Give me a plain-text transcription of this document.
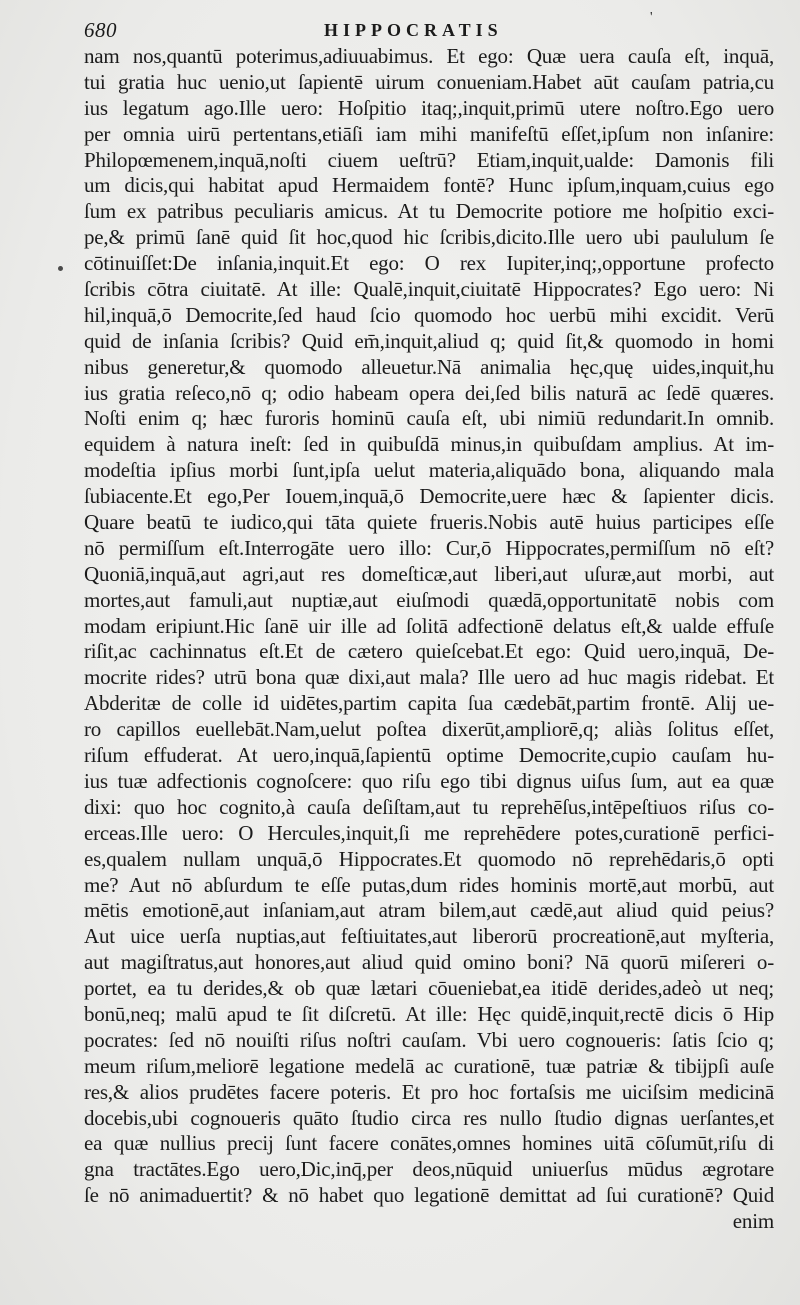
680	HIPPOCRATIS
'
nam nos,quantū poterimus,adiuuabimus. Et ego: Quæ uera cauſa eſt, inquā,
tui gratia huc uenio,ut ſapientē uirum conueniam.Habet aūt cauſam patria,cu
ius legatum ago.Ille uero: Hoſpitio itaq;,inquit,primū utere noſtro.Ego uero
per omnia uirū pertentans,etiāſi iam mihi manifeſtū eſſet,ipſum non inſanire:
Philopœmenem,inquā,noſti ciuem ueſtrū? Etiam,inquit,ualde: Damonis fili
um dicis,qui habitat apud Hermaidem fontē? Hunc ipſum,inquam,cuius ego
ſum ex patribus peculiaris amicus. At tu Democrite potiore me hoſpitio exci-
pe,& primū ſanē quid ſit hoc,quod hic ſcribis,dicito.Ille uero ubi paululum ſe
cōtinuiſſet:De inſania,inquit.Et ego: O rex Iupiter,inq;,opportune profecto
ſcribis cōtra ciuitatē. At ille: Qualē,inquit,ciuitatē Hippocrates? Ego uero: Ni
hil,inquā,ō Democrite,ſed haud ſcio quomodo hoc uerbū mihi excidit. Verū
quid de inſania ſcribis? Quid em̄,inquit,aliud q; quid ſit,& quomodo in homi
nibus generetur,& quomodo alleuetur.Nā animalia hęc,quę uides,inquit,hu
ius gratia reſeco,nō q; odio habeam opera dei,ſed bilis naturā ac ſedē quæres.
Noſti enim q; hæc furoris hominū cauſa eſt, ubi nimiū redundarit.In omnib.
equidem à natura ineſt: ſed in quibuſdā minus,in quibuſdam amplius. At im-
modeſtia ipſius morbi ſunt,ipſa uelut materia,aliquādo bona, aliquando mala
ſubiacente.Et ego,Per Iouem,inquā,ō Democrite,uere hæc & ſapienter dicis.
Quare beatū te iudico,qui tāta quiete frueris.Nobis autē huius participes eſſe
nō permiſſum eſt.Interrogāte uero illo: Cur,ō Hippocrates,permiſſum nō eſt?
Quoniā,inquā,aut agri,aut res domeſticæ,aut liberi,aut uſuræ,aut morbi, aut
mortes,aut famuli,aut nuptiæ,aut eiuſmodi quædā,opportunitatē nobis com
modam eripiunt.Hic ſanē uir ille ad ſolitā adfectionē delatus eſt,& ualde effuſe
riſit,ac cachinnatus eſt.Et de cætero quieſcebat.Et ego: Quid uero,inquā, De-
mocrite rides? utrū bona quæ dixi,aut mala? Ille uero ad huc magis ridebat. Et
Abderitæ de colle id uidētes,partim capita ſua cædebāt,partim frontē. Alij ue-
ro capillos euellebāt.Nam,uelut poſtea dixerūt,ampliorē,q; aliàs ſolitus eſſet,
riſum effuderat. At uero,inquā,ſapientū optime Democrite,cupio cauſam hu-
ius tuæ adfectionis cognoſcere: quo riſu ego tibi dignus uiſus ſum, aut ea quæ
dixi: quo hoc cognito,à cauſa deſiſtam,aut tu reprehēſus,intēpeſtiuos riſus co-
erceas.Ille uero: O Hercules,inquit,ſi me reprehēdere potes,curationē perfici-
es,qualem nullam unquā,ō Hippocrates.Et quomodo nō reprehēdaris,ō opti
me? Aut nō abſurdum te eſſe putas,dum rides hominis mortē,aut morbū, aut
mētis emotionē,aut inſaniam,aut atram bilem,aut cædē,aut aliud quid peius?
Aut uice uerſa nuptias,aut feſtiuitates,aut liberorū procreationē,aut myſteria,
aut magiſtratus,aut honores,aut aliud quid omino boni? Nā quorū miſereri o-
portet, ea tu derides,& ob quæ lætari cōueniebat,ea itidē derides,adeò ut neq;
bonū,neq; malū apud te ſit diſcretū. At ille: Hęc quidē,inquit,rectē dicis ō Hip
pocrates: ſed nō nouiſti riſus noſtri cauſam. Vbi uero cognoueris: ſatis ſcio q;
meum riſum,meliorē legatione medelā ac curationē, tuæ patriæ & tibijpſi auſe
res,& alios prudētes facere poteris. Et pro hoc fortaſsis me uiciſsim medicinā
docebis,ubi cognoueris quāto ſtudio circa res nullo ſtudio dignas uerſantes,et
ea quæ nullius precij ſunt facere conātes,omnes homines uitā cōſumūt,riſu di
gna tractātes.Ego uero,Dic,inq̄,per deos,nūquid uniuerſus mūdus ægrotare
ſe nō animaduertit? & nō habet quo legationē demittat ad ſui curationē? Quid
enim
